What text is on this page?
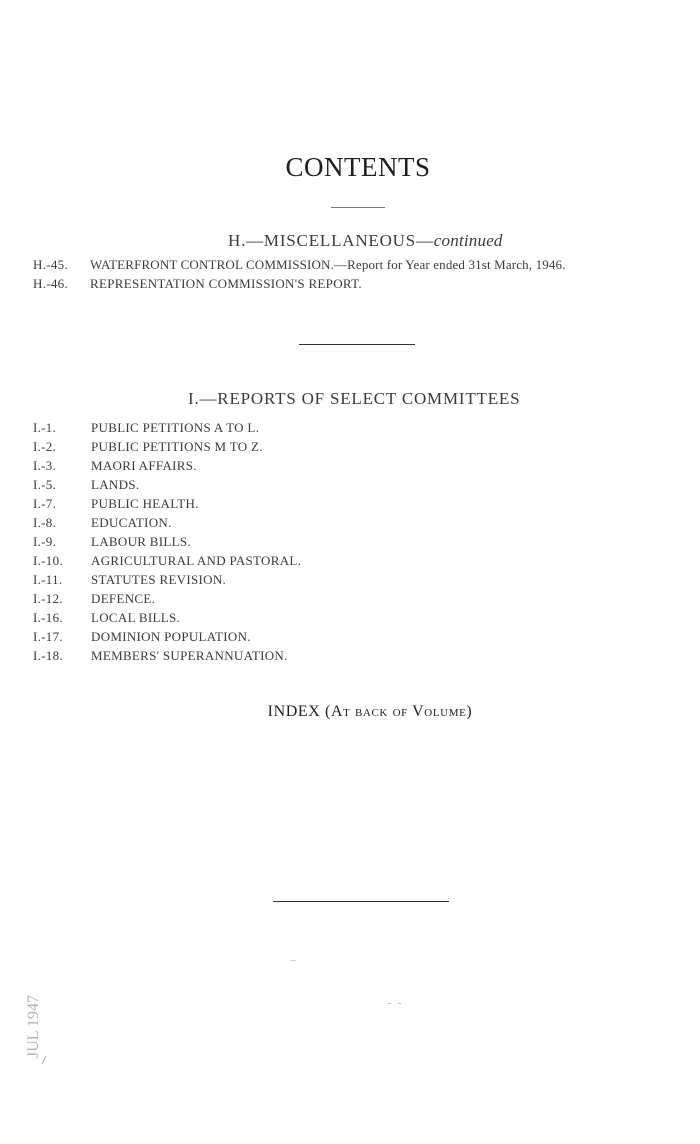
CONTENTS
H.—MISCELLANEOUS—continued
H.-45. WATERFRONT CONTROL COMMISSION.—Report for Year ended 31st March, 1946.
H.-46. REPRESENTATION COMMISSION'S REPORT.
I.—REPORTS OF SELECT COMMITTEES
I.-1.	PUBLIC PETITIONS A TO L.
I.-2.	PUBLIC PETITIONS M TO Z.
I.-3.	MAORI AFFAIRS.
I.-5.	LANDS.
I.-7.	PUBLIC HEALTH.
I.-8.	EDUCATION.
I.-9.	LABOUR BILLS.
I.-10. AGRICULTURAL AND PASTORAL.
I.-11. STATUTES REVISION.
I.-12. DEFENCE.
I.-16. LOCAL BILLS.
I.-17. DOMINION POPULATION.
I.-18. MEMBERS' SUPERANNUATION.
INDEX (At back of Volume)
JUL 1947
